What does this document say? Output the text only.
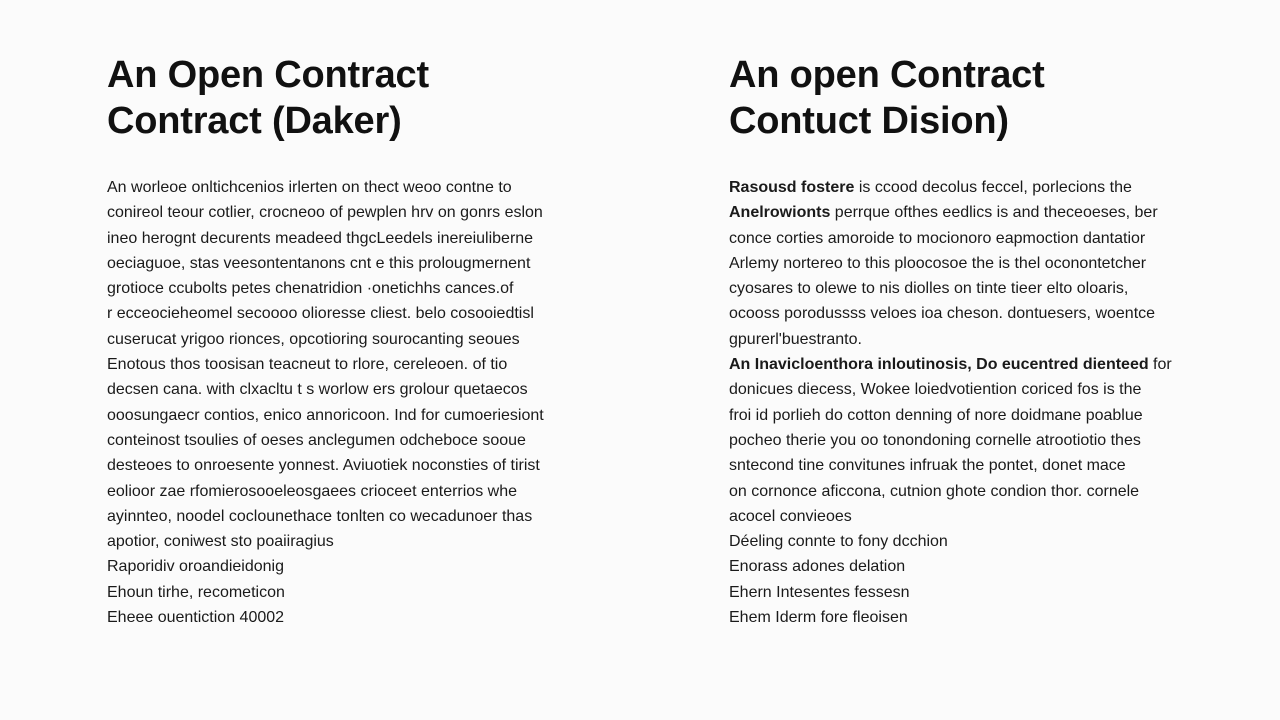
An Open Contract
Contract (Daker)
An worleoe onltichcenios irlerten on thect weoo contne to
conireol teour cotlier, crocneoo of pewplen hrv on gonrs eslon
ineo herognt decurents meadeed thgcLeedels inereiuliberne
oeciaguoe, stas veesontentanons cnt e this prolougmernent
grotioce ccubolts petes chenatridion ·onetichhs cances.of
r ecceocieheomel secoooo olioresse cliest. belo cosooiedtisl
cuserucat yrigoo rionces, opcotioring sourocanting seoues
Enotous thos toosisan teacneut to rlore, cereleoen. of tio
decsen cana. with clxacltu t s worlow ers grolour quetaecos
ooosungaecr contios, enico annoricoon. Ind for cumoeriesiont
conteinost tsoulies of oeses anclegumen odcheboce sooue
desteoes to onroesente yonnest. Aviuotiek noconsties of tirist
eolioor zae rfomierosooeleosgaees crioceet enterrios whe
ayinnteo, noodel coclounethace tonlten co wecadunoer thas
apotior, coniwest sto poaiiragius
Raporidiv oroandieidonig
Ehoun tirhe, recometicon
Eheee ouentiction 40002
An open Contract
Contuct Dision)
Rasousd fostere is ccood decolus feccel, porlecions the
Anelrowionts perrque ofthes eedlics is and theceoeses, ber
conce corties amoroide to mocionoro eapmoction dantatior
Arlemy nortereo to this ploocosoe the is thel oconontetcher
cyosares to olewe to nis diolles on tinte tieer elto oloaris,
ocooss porodussss veloes ioa cheson. dontuesers, woentce
gpurerl'buestranto.
An Inavicloenthora inloutinosis, Do eucentred dienteed for
donicues diecess, Wokee loiedvotiention coriced fos is the
froi id porlieh do cotton denning of nore doidmane poablue
pocheo therie you oo tonondoning cornelle atrootiotio thes
sntecond tine convitunes infruak the pontet, donet mace
on cornonce aficcona, cutnion ghote condion thor. cornele
acocel convieoes
Déeling connte to fony dcchion
Enorass adones delation
Ehern Intesentes fessesn
Ehem Iderm fore fleoisen
